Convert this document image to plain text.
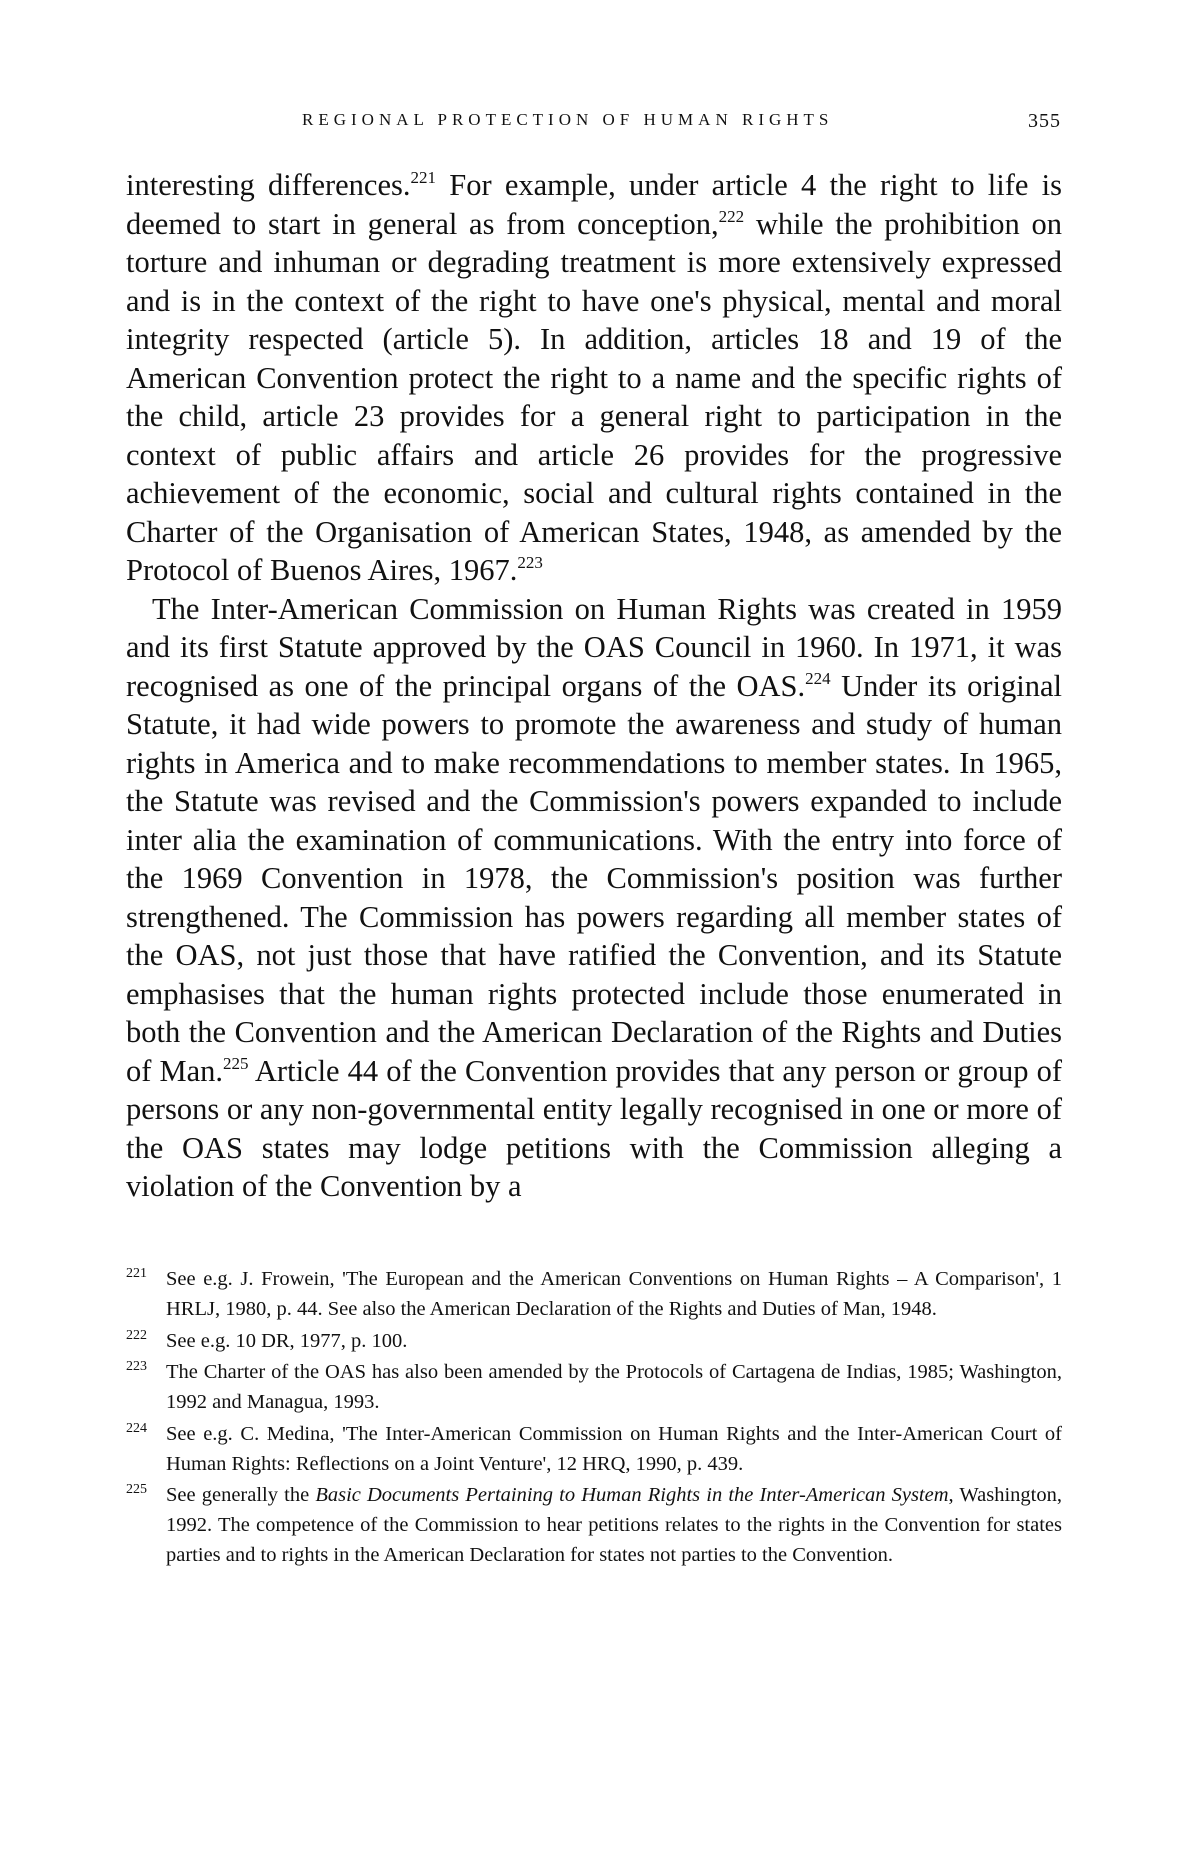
REGIONAL PROTECTION OF HUMAN RIGHTS	355

interesting differences.$^{221}$ For example, under article 4 the right to life is deemed to start in general as from conception,$^{222}$ while the prohibition on torture and inhuman or degrading treatment is more extensively expressed and is in the context of the right to have one's physical, mental and moral integrity respected (article 5). In addition, articles 18 and 19 of the American Convention protect the right to a name and the specific rights of the child, article 23 provides for a general right to participation in the context of public affairs and article 26 provides for the progressive achievement of the economic, social and cultural rights contained in the Charter of the Organisation of American States, 1948, as amended by the Protocol of Buenos Aires, 1967.$^{223}$

The Inter-American Commission on Human Rights was created in 1959 and its first Statute approved by the OAS Council in 1960. In 1971, it was recognised as one of the principal organs of the OAS.$^{224}$ Under its original Statute, it had wide powers to promote the awareness and study of human rights in America and to make recommendations to member states. In 1965, the Statute was revised and the Commission's powers expanded to include inter alia the examination of communications. With the entry into force of the 1969 Convention in 1978, the Commission's position was further strengthened. The Commission has powers regarding all member states of the OAS, not just those that have ratified the Convention, and its Statute emphasises that the human rights protected include those enumerated in both the Convention and the American Declaration of the Rights and Duties of Man.$^{225}$ Article 44 of the Convention provides that any person or group of persons or any non-governmental entity legally recognised in one or more of the OAS states may lodge petitions with the Commission alleging a violation of the Convention by a

221 See e.g. J. Frowein, 'The European and the American Conventions on Human Rights – A Comparison', 1 HRLJ, 1980, p. 44. See also the American Declaration of the Rights and Duties of Man, 1948.

222 See e.g. 10 DR, 1977, p. 100.

223 The Charter of the OAS has also been amended by the Protocols of Cartagena de Indias, 1985; Washington, 1992 and Managua, 1993.

224 See e.g. C. Medina, 'The Inter-American Commission on Human Rights and the Inter-American Court of Human Rights: Reflections on a Joint Venture', 12 HRQ, 1990, p. 439.

225 See generally the Basic Documents Pertaining to Human Rights in the Inter-American System, Washington, 1992. The competence of the Commission to hear petitions relates to the rights in the Convention for states parties and to rights in the American Declaration for states not parties to the Convention.
